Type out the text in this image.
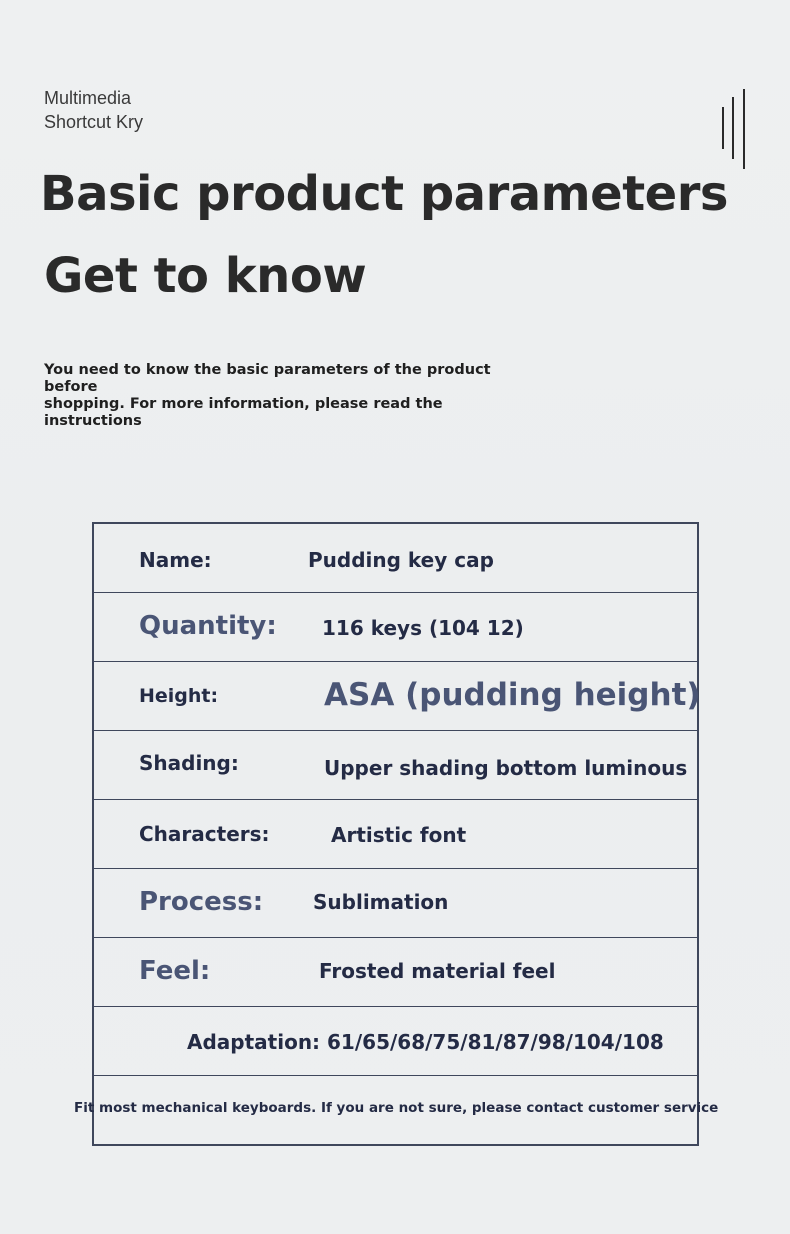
Multimedia
Shortcut Kry
Basic product parameters
Get to know
You need to know the basic parameters of the product before
shopping. For more information, please read the instructions
Name:	Pudding key cap
Quantity: 116 keys (104 12)
Height:	ASA (pudding height)
Shading:	Upper shading bottom luminous
Characters:	Artistic font
Process: Sublimation
Feel:	Frosted material feel
Adaptation: 61/65/68/75/81/87/98/104/108
Fit most mechanical keyboards. If you are not sure, please contact customer service
